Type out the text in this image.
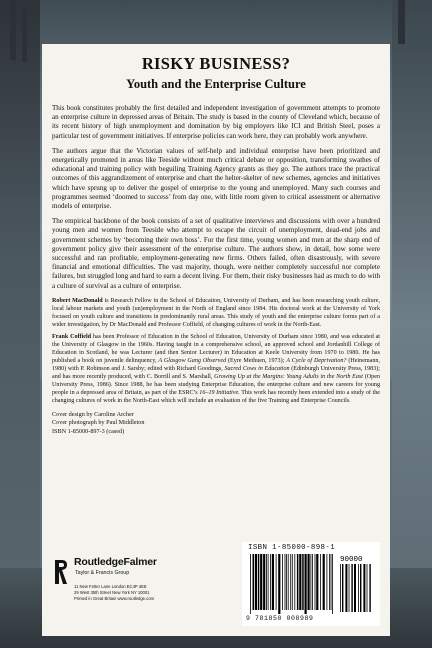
RISKY BUSINESS?
Youth and the Enterprise Culture

This book constitutes probably the first detailed and independent investigation of government attempts to promote an enterprise culture in depressed areas of Britain. The study is based in the county of Cleveland which, because of its recent history of high unemployment and domination by big employers like ICI and British Steel, poses a particular test of government initiatives. If enterprise policies can work here, they can probably work anywhere.

The authors argue that the Victorian values of self-help and individual enterprise have been prioritized and energetically promoted in areas like Teeside without much critical debate or opposition, transforming swathes of educational and training policy with beguiling Training Agency grants as they go. The authors trace the practical outcomes of this aggrandizement of enterprise and chart the helter-skelter of new schemes, agencies and initiatives which have sprung up to deliver the gospel of enterprise to the young and unemployed. Many such courses and programmes seemed ‘doomed to success’ from day one, with little room given to critical assessment or alternative models of enterprise.

The empirical backbone of the book consists of a set of qualitative interviews and discussions with over a hundred young men and women from Teeside who attempt to escape the circuit of unemployment, dead-end jobs and government schemes by ‘becoming their own boss’. For the first time, young women and men at the sharp end of government policy give their assessment of the enterprise culture. The authors show, in detail, how some were successful and ran profitable, employment-generating new firms. Others failed, often disastrously, with severe financial and emotional difficulties. The vast majority, though, were neither completely successful nor complete failures, but struggled long and hard to earn a decent living. For them, their risky businesses had as much to do with a culture of survival as a culture of enterprise.

Robert MacDonald is Research Fellow in the School of Education, University of Durham, and has been researching youth culture, local labour markets and youth (un)employment in the North of England since 1984. His doctoral work at the University of York focused on youth culture and transitions in predominantly rural areas. This study of youth and the enterprise culture forms part of a wider investigation, by Dr MacDonald and Professor Coffield, of changing cultures of work in the North-East.

Frank Coffield has been Professor of Education in the School of Education, University of Durham since 1980, and was educated at the University of Glasgow in the 1960s. Having taught in a comprehensive school, an approved school and Jordanhill College of Education in Scotland, he was Lecturer (and then Senior Lecturer) in Education at Keele University from 1970 to 1980. He has published a book on juvenile delinquency, A Glasgow Gang Observed (Eyre Methuen, 1973); A Cycle of Deprivation? (Heinemann, 1980) with P. Robinson and J. Sarsby; edited with Richard Goodings, Sacred Cows in Education (Edinburgh University Press, 1983); and has more recently produced, with C. Borrill and S. Marshall, Growing Up at the Margins: Young Adults in the North East (Open University Press, 1986). Since 1988, he has been studying Enterprise Education, the enterprise culture and new careers for young people in a depressed area of Britain, as part of the ESRC’s 16–19 Initiative. This work has recently been extended into a study of the changing cultures of work in the North-East which will include an evaluation of the five Training and Enterprise Councils.

Cover design by Caroline Archer

Cover photograph by Paul Middleton

ISBN 1-85000-897-3 (cased)

RoutledgeFalmer
Taylor & Francis Group
11 New Fetter Lane London EC4P 4EE
29 West 35th Street New York NY 10001
Printed in Great Britain www.routledge.com
ISBN 1-85000-898-1
90000
9 781850 008989
